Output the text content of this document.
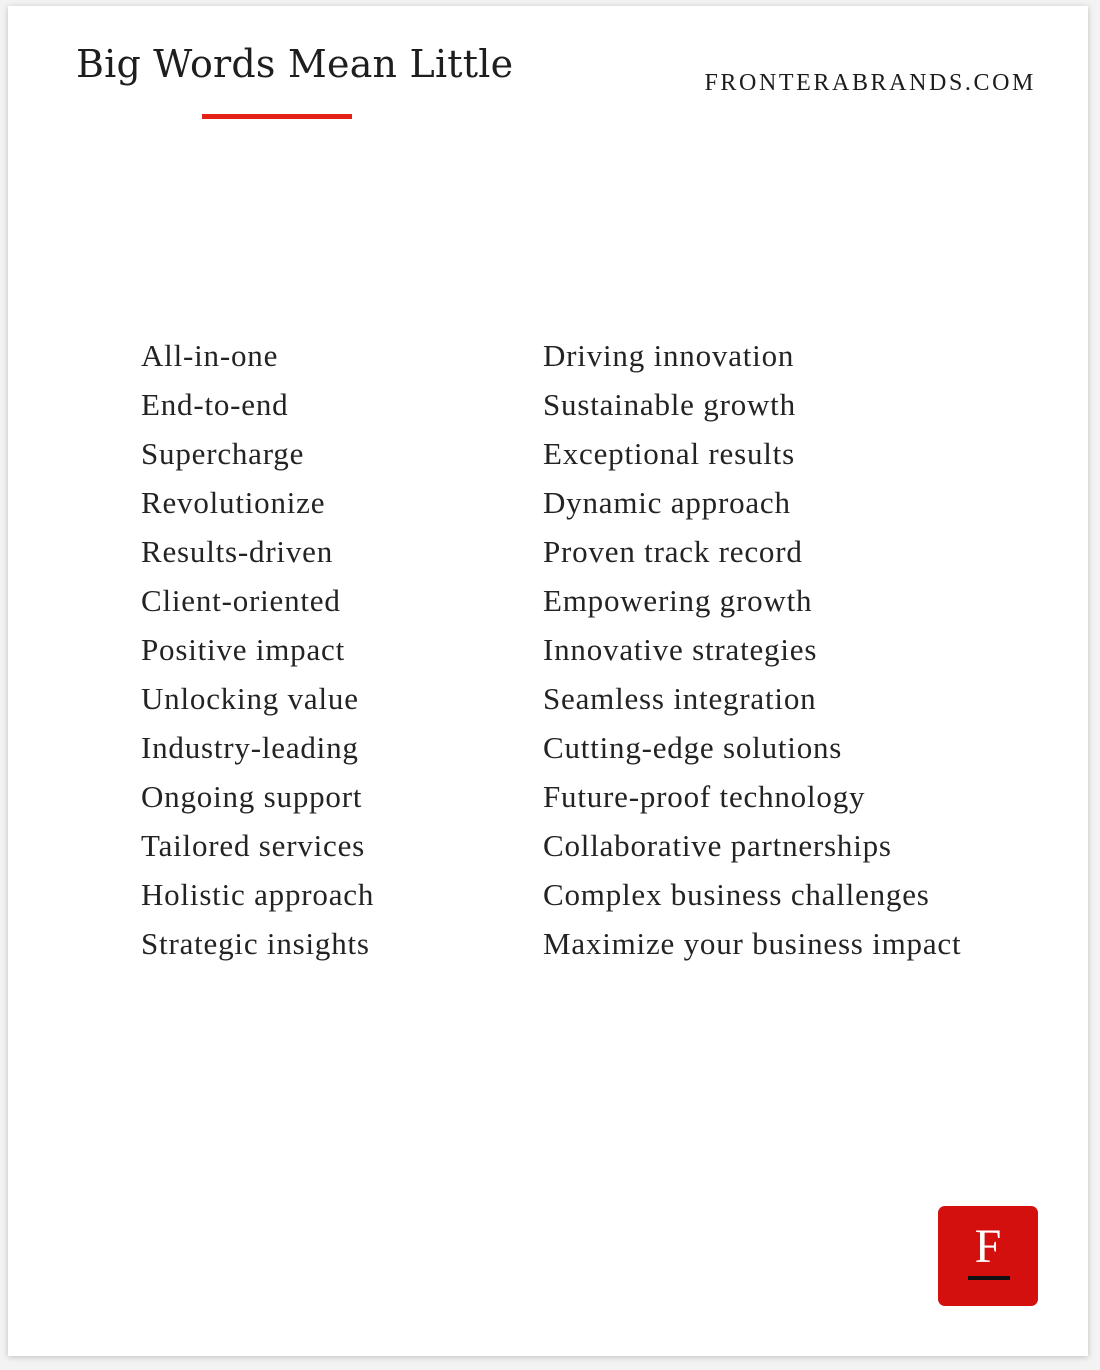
Big Words Mean Little	FRONTERABRANDS.COM
All-in-one
End-to-end
Supercharge
Revolutionize
Results-driven
Client-oriented
Positive impact
Unlocking value
Industry-leading
Ongoing support
Tailored services
Holistic approach
Strategic insights
Driving innovation
Sustainable growth
Exceptional results
Dynamic approach
Proven track record
Empowering growth
Innovative strategies
Seamless integration
Cutting-edge solutions
Future-proof technology
Collaborative partnerships
Complex business challenges
Maximize your business impact
F
